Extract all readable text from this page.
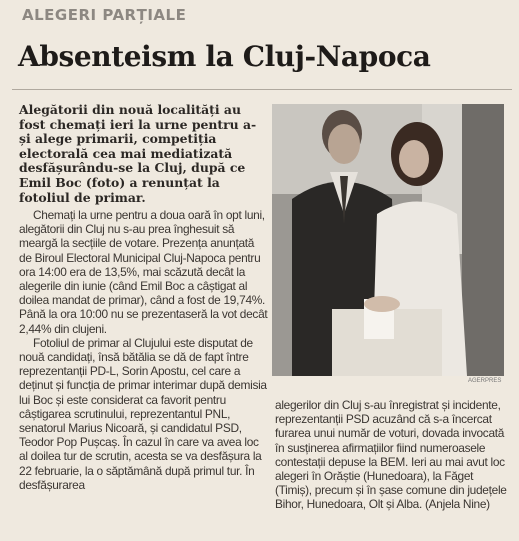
ALEGERI PARȚIALE
Absenteism la Cluj-Napoca

Alegătorii din nouă localități au fost chemați ieri la urne pentru a-și alege primarii, competiția electorală cea mai mediatizată desfășurându-se la Cluj, după ce Emil Boc (foto) a renunțat la fotoliul de primar.

Chemați la urne pentru a doua oară în opt luni, alegătorii din Cluj nu s-au prea înghesuit să meargă la secțiile de votare. Prezența anunțată de Biroul Electoral Municipal Cluj-Napoca pentru ora 14:00 era de 13,5%, mai scăzută decât la alegerile din iunie (când Emil Boc a câștigat al doilea mandat de primar), când a fost de 19,74%. Până la ora 10:00 nu se prezentaseră la vot decât 2,44% din clujeni.

Fotoliul de primar al Clujului este disputat de nouă candidați, însă bătălia se dă de fapt între reprezentanții PD-L, Sorin Apostu, cel care a deținut și funcția de primar interimar după demisia lui Boc și este considerat ca favorit pentru câștigarea scrutinului, reprezentantul PNL, senatorul Marius Nicoară, și candidatul PSD, Teodor Pop Pușcaș. În cazul în care va avea loc al doilea tur de scrutin, acesta se va desfășura la 22 februarie, la o săptămână după primul tur. În desfășurarea

AGERPRES

alegerilor din Cluj s-au înregistrat și incidente, reprezentanții PSD acuzând că s-a încercat furarea unui număr de voturi, dovada invocată în susținerea afirmațiilor fiind numeroasele contestații depuse la BEM. Ieri au mai avut loc alegeri în Orăștie (Hunedoara), la Făget (Timiș), precum și în șase comune din județele Bihor, Hunedoara, Olt și Alba. (Anjela Nine)
